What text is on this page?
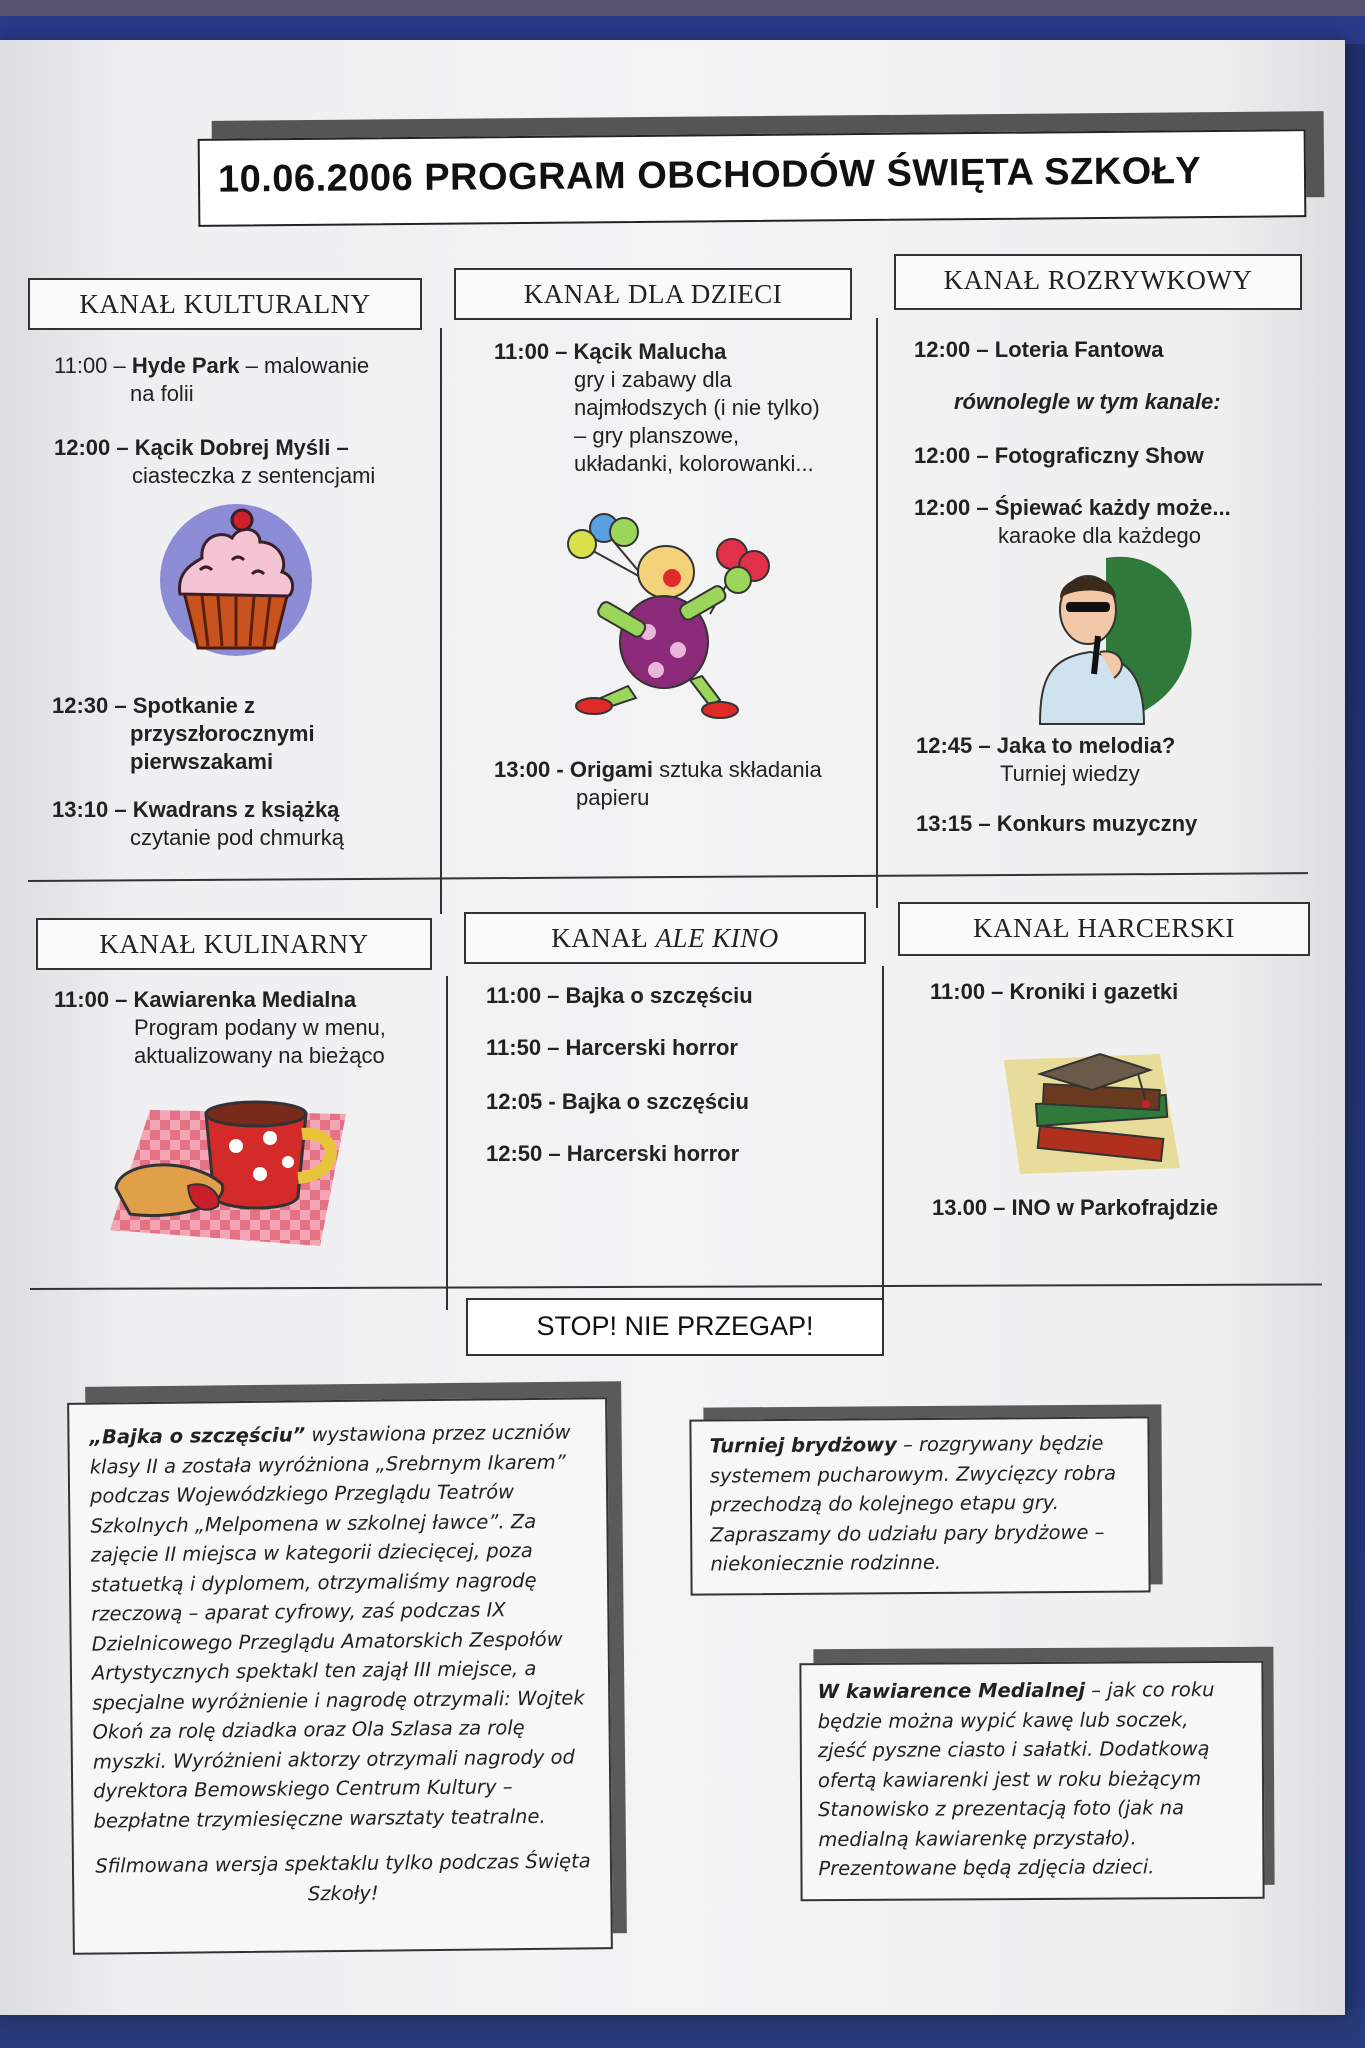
10.06.2006 PROGRAM OBCHODÓW ŚWIĘTA SZKOŁY
KANAŁ KULTURALNY	KANAŁ DLA DZIECI	KANAŁ ROZRYWKOWY
11:00 – Hyde Park – malowanie
na folii
12:00 – Kącik Dobrej Myśli –
ciasteczka z sentencjami
12:30 – Spotkanie z
przyszłorocznymi
pierwszakami
13:10 – Kwadrans z książką
czytanie pod chmurką
11:00 – Kącik Malucha
gry i zabawy dla
najmłodszych (i nie tylko)
– gry planszowe,
układanki, kolorowanki...
13:00 - Origami sztuka składania
papieru
12:00 – Loteria Fantowa
równolegle w tym kanale:
12:00 – Fotograficzny Show
12:00 – Śpiewać każdy może...
karaoke dla każdego
12:45 – Jaka to melodia?
Turniej wiedzy
13:15 – Konkurs muzyczny
KANAŁ KULINARNY	KANAŁ ALE KINO	KANAŁ HARCERSKI
11:00 – Kawiarenka Medialna
Program podany w menu,
aktualizowany na bieżąco
11:00 – Bajka o szczęściu
11:50 – Harcerski horror
12:05 - Bajka o szczęściu
12:50 – Harcerski horror
11:00 – Kroniki i gazetki
13.00 – INO w Parkofrajdzie
STOP! NIE PRZEGAP!

„Bajka o szczęściu” wystawiona przez uczniów

klasy II a została wyróżniona „Srebrnym Ikarem”

podczas Wojewódzkiego Przeglądu Teatrów

Szkolnych „Melpomena w szkolnej ławce”. Za

zajęcie II miejsca w kategorii dziecięcej, poza

statuetką i dyplomem, otrzymaliśmy nagrodę

rzeczową – aparat cyfrowy, zaś podczas IX

Dzielnicowego Przeglądu Amatorskich Zespołów

Artystycznych spektakl ten zajął III miejsce, a

specjalne wyróżnienie i nagrodę otrzymali: Wojtek

Okoń za rolę dziadka oraz Ola Szlasa za rolę

myszki. Wyróżnieni aktorzy otrzymali nagrody od

dyrektora Bemowskiego Centrum Kultury –

bezpłatne trzymiesięczne warsztaty teatralne.

Sfilmowana wersja spektaklu tylko podczas Święta

Szkoły!

Turniej brydżowy – rozgrywany będzie

systemem pucharowym. Zwycięzcy robra

przechodzą do kolejnego etapu gry.

Zapraszamy do udziału pary brydżowe –

niekoniecznie rodzinne.

W kawiarence Medialnej – jak co roku

będzie można wypić kawę lub soczek,

zjeść pyszne ciasto i sałatki. Dodatkową

ofertą kawiarenki jest w roku bieżącym

Stanowisko z prezentacją foto (jak na

medialną kawiarenkę przystało).

Prezentowane będą zdjęcia dzieci.
